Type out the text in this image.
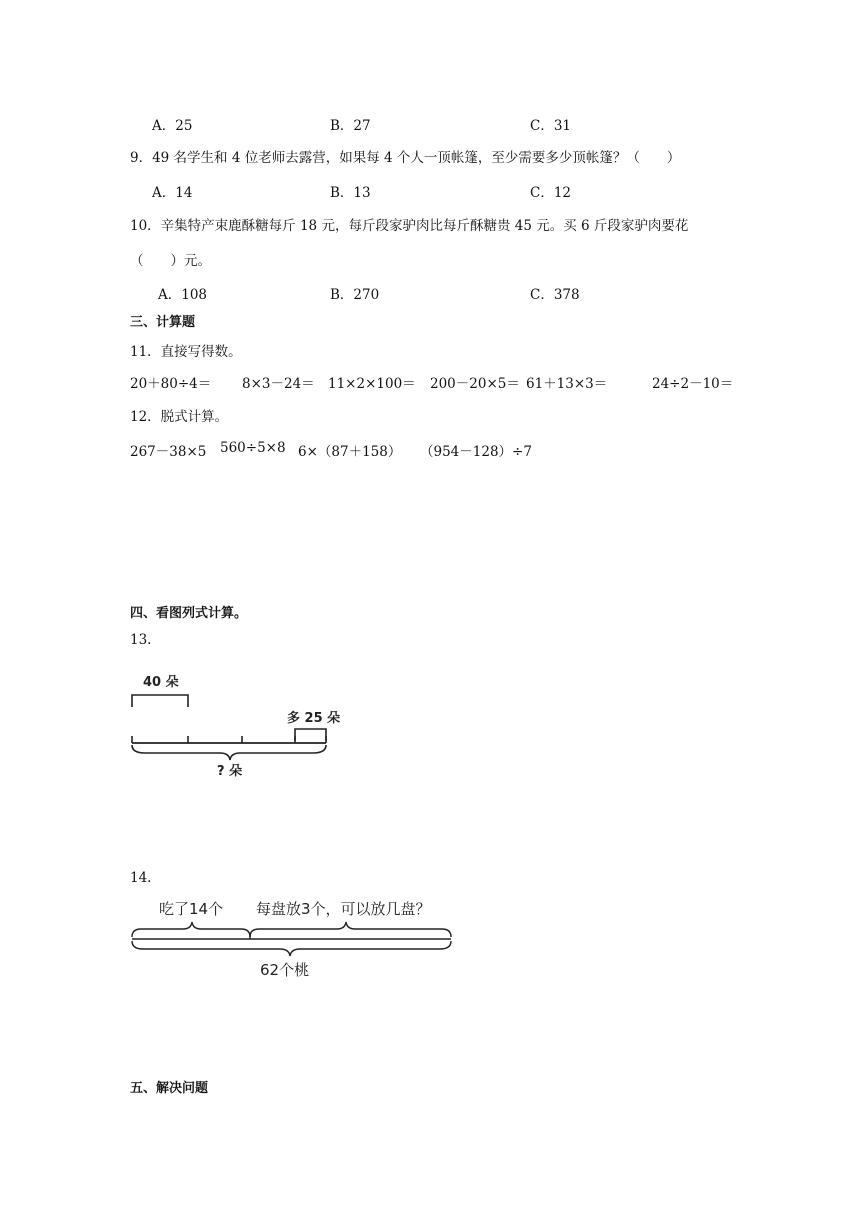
A．25	B．27	C．31
9．49 名学生和 4 位老师去露营，如果每 4 个人一顶帐篷，至少需要多少顶帐篷？（　　）
A．14	B．13	C．12
10．辛集特产束鹿酥糖每斤 18 元，每斤段家驴肉比每斤酥糖贵 45 元。买 6 斤段家驴肉要花
（　　）元。
A．108	B．270	C．378
三、计算题
11．直接写得数。
20＋80÷4＝ 8×3－24＝ 11×2×100＝ 200－20×5＝ 61＋13×3＝	24÷2－10＝
12．脱式计算。
267－38×5 560÷5×8 6×（87＋158） （954－128）÷7
四、看图列式计算。
13.
40 朵
多 25 朵
? 朵
14.
吃了14个 每盘放3个，可以放几盘？
62个桃
五、解决问题
